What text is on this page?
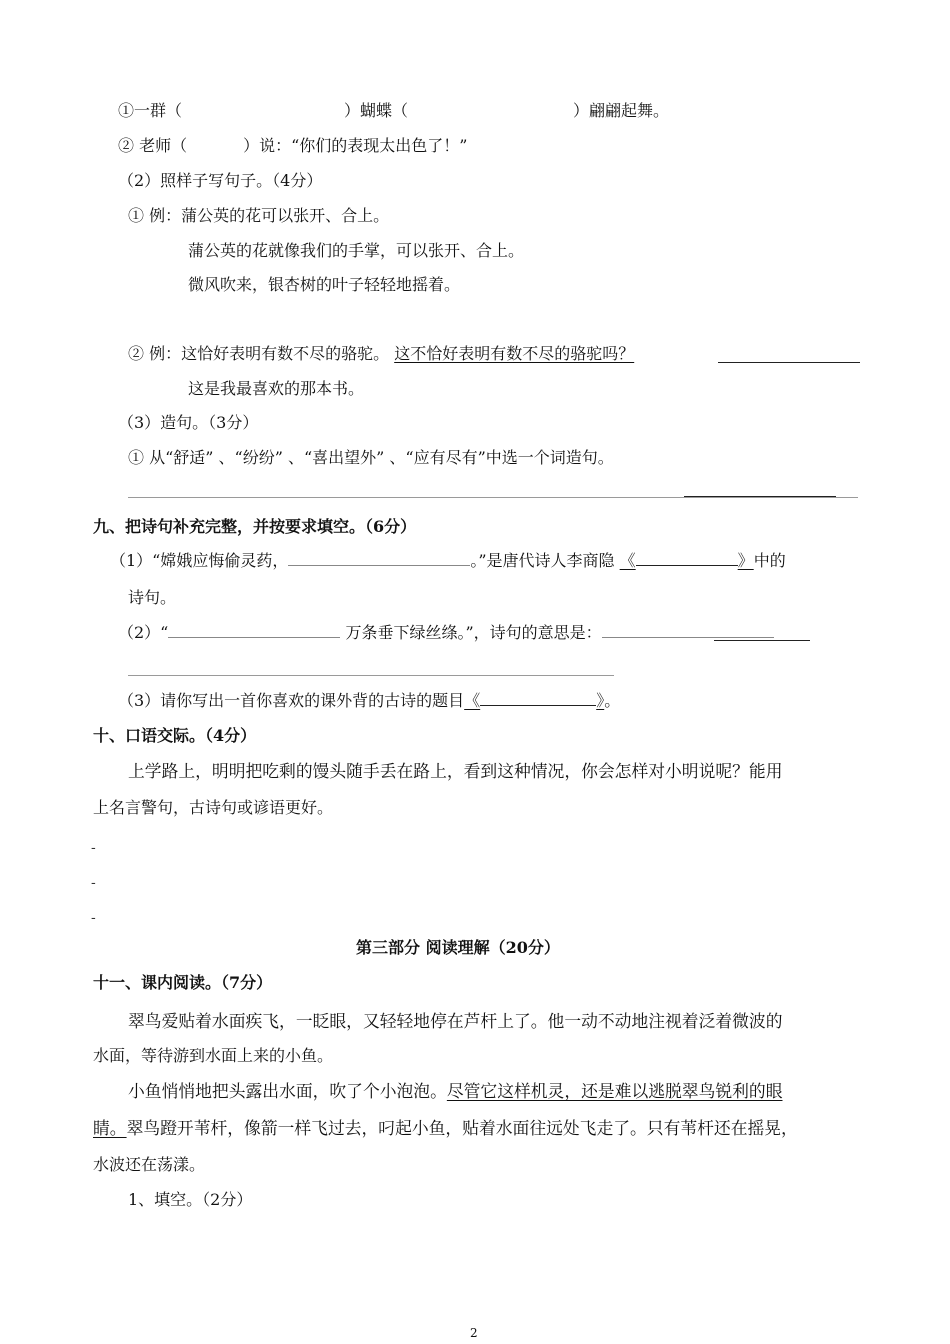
①一群（	）蝴蝶（	）翩翩起舞。
② 老师（	）说：“你们的表现太出色了！”
（2）照样子写句子。（4分）
① 例：蒲公英的花可以张开、合上。
蒲公英的花就像我们的手掌，可以张开、合上。
微风吹来，银杏树的叶子轻轻地摇着。
② 例：这恰好表明有数不尽的骆驼。 这不恰好表明有数不尽的骆驼吗？
这是我最喜欢的那本书。
（3）造句。（3分）
① 从“舒适” 、“纷纷” 、“喜出望外” 、“应有尽有”中选一个词造句。
九、把诗句补充完整，并按要求填空。（6分）
（1）“嫦娥应悔偷灵药，	。”是唐代诗人李商隐 《	》中的
诗句。
（2）“	万条垂下绿丝绦。”，诗句的意思是：
（3）请你写出一首你喜欢的课外背的古诗的题目《	》。
十、口语交际。（4分）
上学路上，明明把吃剩的馒头随手丢在路上，看到这种情况，你会怎样对小明说呢？能用
上名言警句，古诗句或谚语更好。
-
-
-
第三部分 阅读理解（20分）
十一、课内阅读。（7分）
翠鸟爱贴着水面疾飞，一眨眼，又轻轻地停在芦杆上了。他一动不动地注视着泛着微波的
水面，等待游到水面上来的小鱼。
小鱼悄悄地把头露出水面，吹了个小泡泡。尽管它这样机灵，还是难以逃脱翠鸟锐利的眼
睛。翠鸟蹬开苇杆，像箭一样飞过去，叼起小鱼，贴着水面往远处飞走了。只有苇杆还在摇晃，
水波还在荡漾。
1、填空。（2分）
2
